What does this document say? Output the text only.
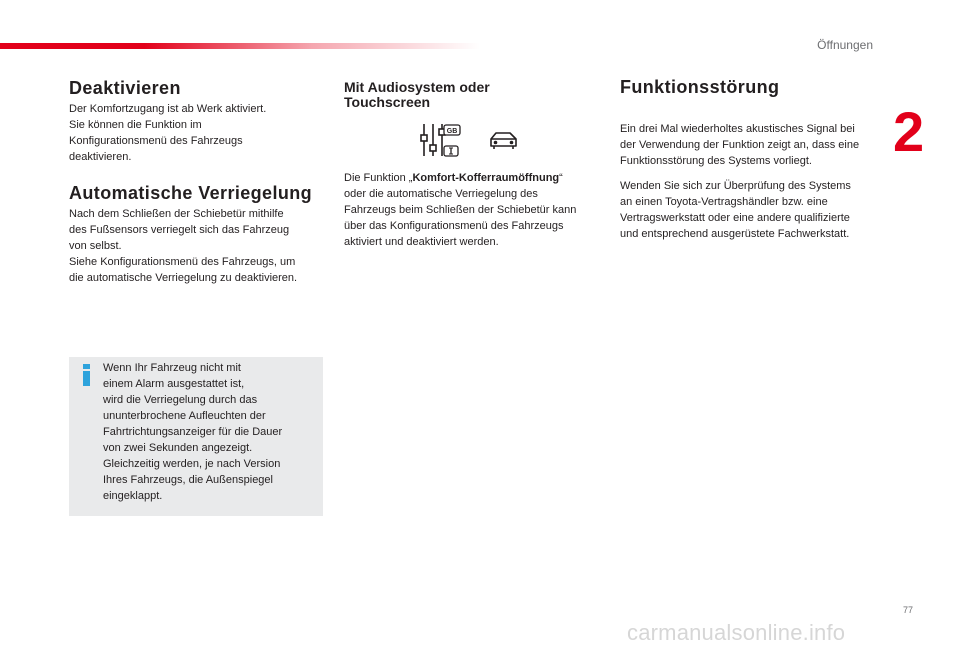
Öffnungen
2
Deaktivieren

Der Komfortzugang ist ab Werk aktiviert.

Sie können die Funktion im

Konfigurationsmenü des Fahrzeugs

deaktivieren.

Automatische Verriegelung

Nach dem Schließen der Schiebetür mithilfe

des Fußsensors verriegelt sich das Fahrzeug

von selbst.

Siehe Konfigurationsmenü des Fahrzeugs, um

die automatische Verriegelung zu deaktivieren.

Wenn Ihr Fahrzeug nicht mit
einem Alarm ausgestattet ist,
wird die Verriegelung durch das
ununterbrochene Aufleuchten der
Fahrtrichtungsanzeiger für die Dauer
von zwei Sekunden angezeigt.
Gleichzeitig werden, je nach Version
Ihres Fahrzeugs, die Außenspiegel
eingeklappt.

Mit Audiosystem oder
Touchscreen
GB

Die Funktion „Komfort-Kofferraumöffnung“

oder die automatische Verriegelung des

Fahrzeugs beim Schließen der Schiebetür kann

über das Konfigurationsmenü des Fahrzeugs

aktiviert und deaktiviert werden.

Funktionsstörung

Ein drei Mal wiederholtes akustisches Signal bei

der Verwendung der Funktion zeigt an, dass eine

Funktionsstörung des Systems vorliegt.

Wenden Sie sich zur Überprüfung des Systems

an einen Toyota-Vertragshändler bzw. eine

Vertragswerkstatt oder eine andere qualifizierte

und entsprechend ausgerüstete Fachwerkstatt.

77
carmanualsonline.info
